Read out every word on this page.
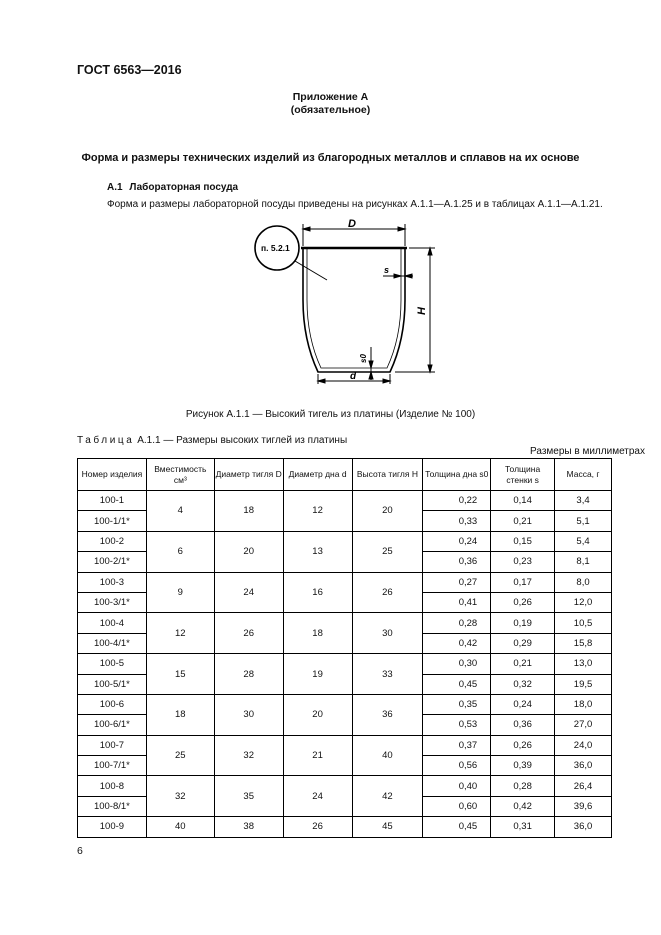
ГОСТ 6563—2016
Приложение А
(обязательное)
Форма и размеры технических изделий из благородных металлов и сплавов на их основе
А.1 Лабораторная посуда
Форма и размеры лабораторной посуды приведены на рисунках А.1.1—А.1.25 и в таблицах А.1.1—А.1.21.
п. 5.2.1
D
H
s
s0
d
Рисунок А.1.1 — Высокий тигель из платины (Изделие № 100)
Таблица А.1.1 — Размеры высоких тиглей из платины
Размеры в миллиметрах
Номер изделия	Вместимость см³	Диаметр тигля D	Диаметр дна d	Высота тигля H	Толщина дна s0	Толщина стенки s	Масса, г
100-1	4	18	12	20	0,22	0,14	3,4
100-1/1*					0,33	0,21	5,1
100-2	6	20	13	25	0,24	0,15	5,4
100-2/1*					0,36	0,23	8,1
100-3	9	24	16	26	0,27	0,17	8,0
100-3/1*					0,41	0,26	12,0
100-4	12	26	18	30	0,28	0,19	10,5
100-4/1*					0,42	0,29	15,8
100-5	15	28	19	33	0,30	0,21	13,0
100-5/1*					0,45	0,32	19,5
100-6	18	30	20	36	0,35	0,24	18,0
100-6/1*					0,53	0,36	27,0
100-7	25	32	21	40	0,37	0,26	24,0
100-7/1*					0,56	0,39	36,0
100-8	32	35	24	42	0,40	0,28	26,4
100-8/1*					0,60	0,42	39,6
100-9	40	38	26	45	0,45	0,31	36,0
6
